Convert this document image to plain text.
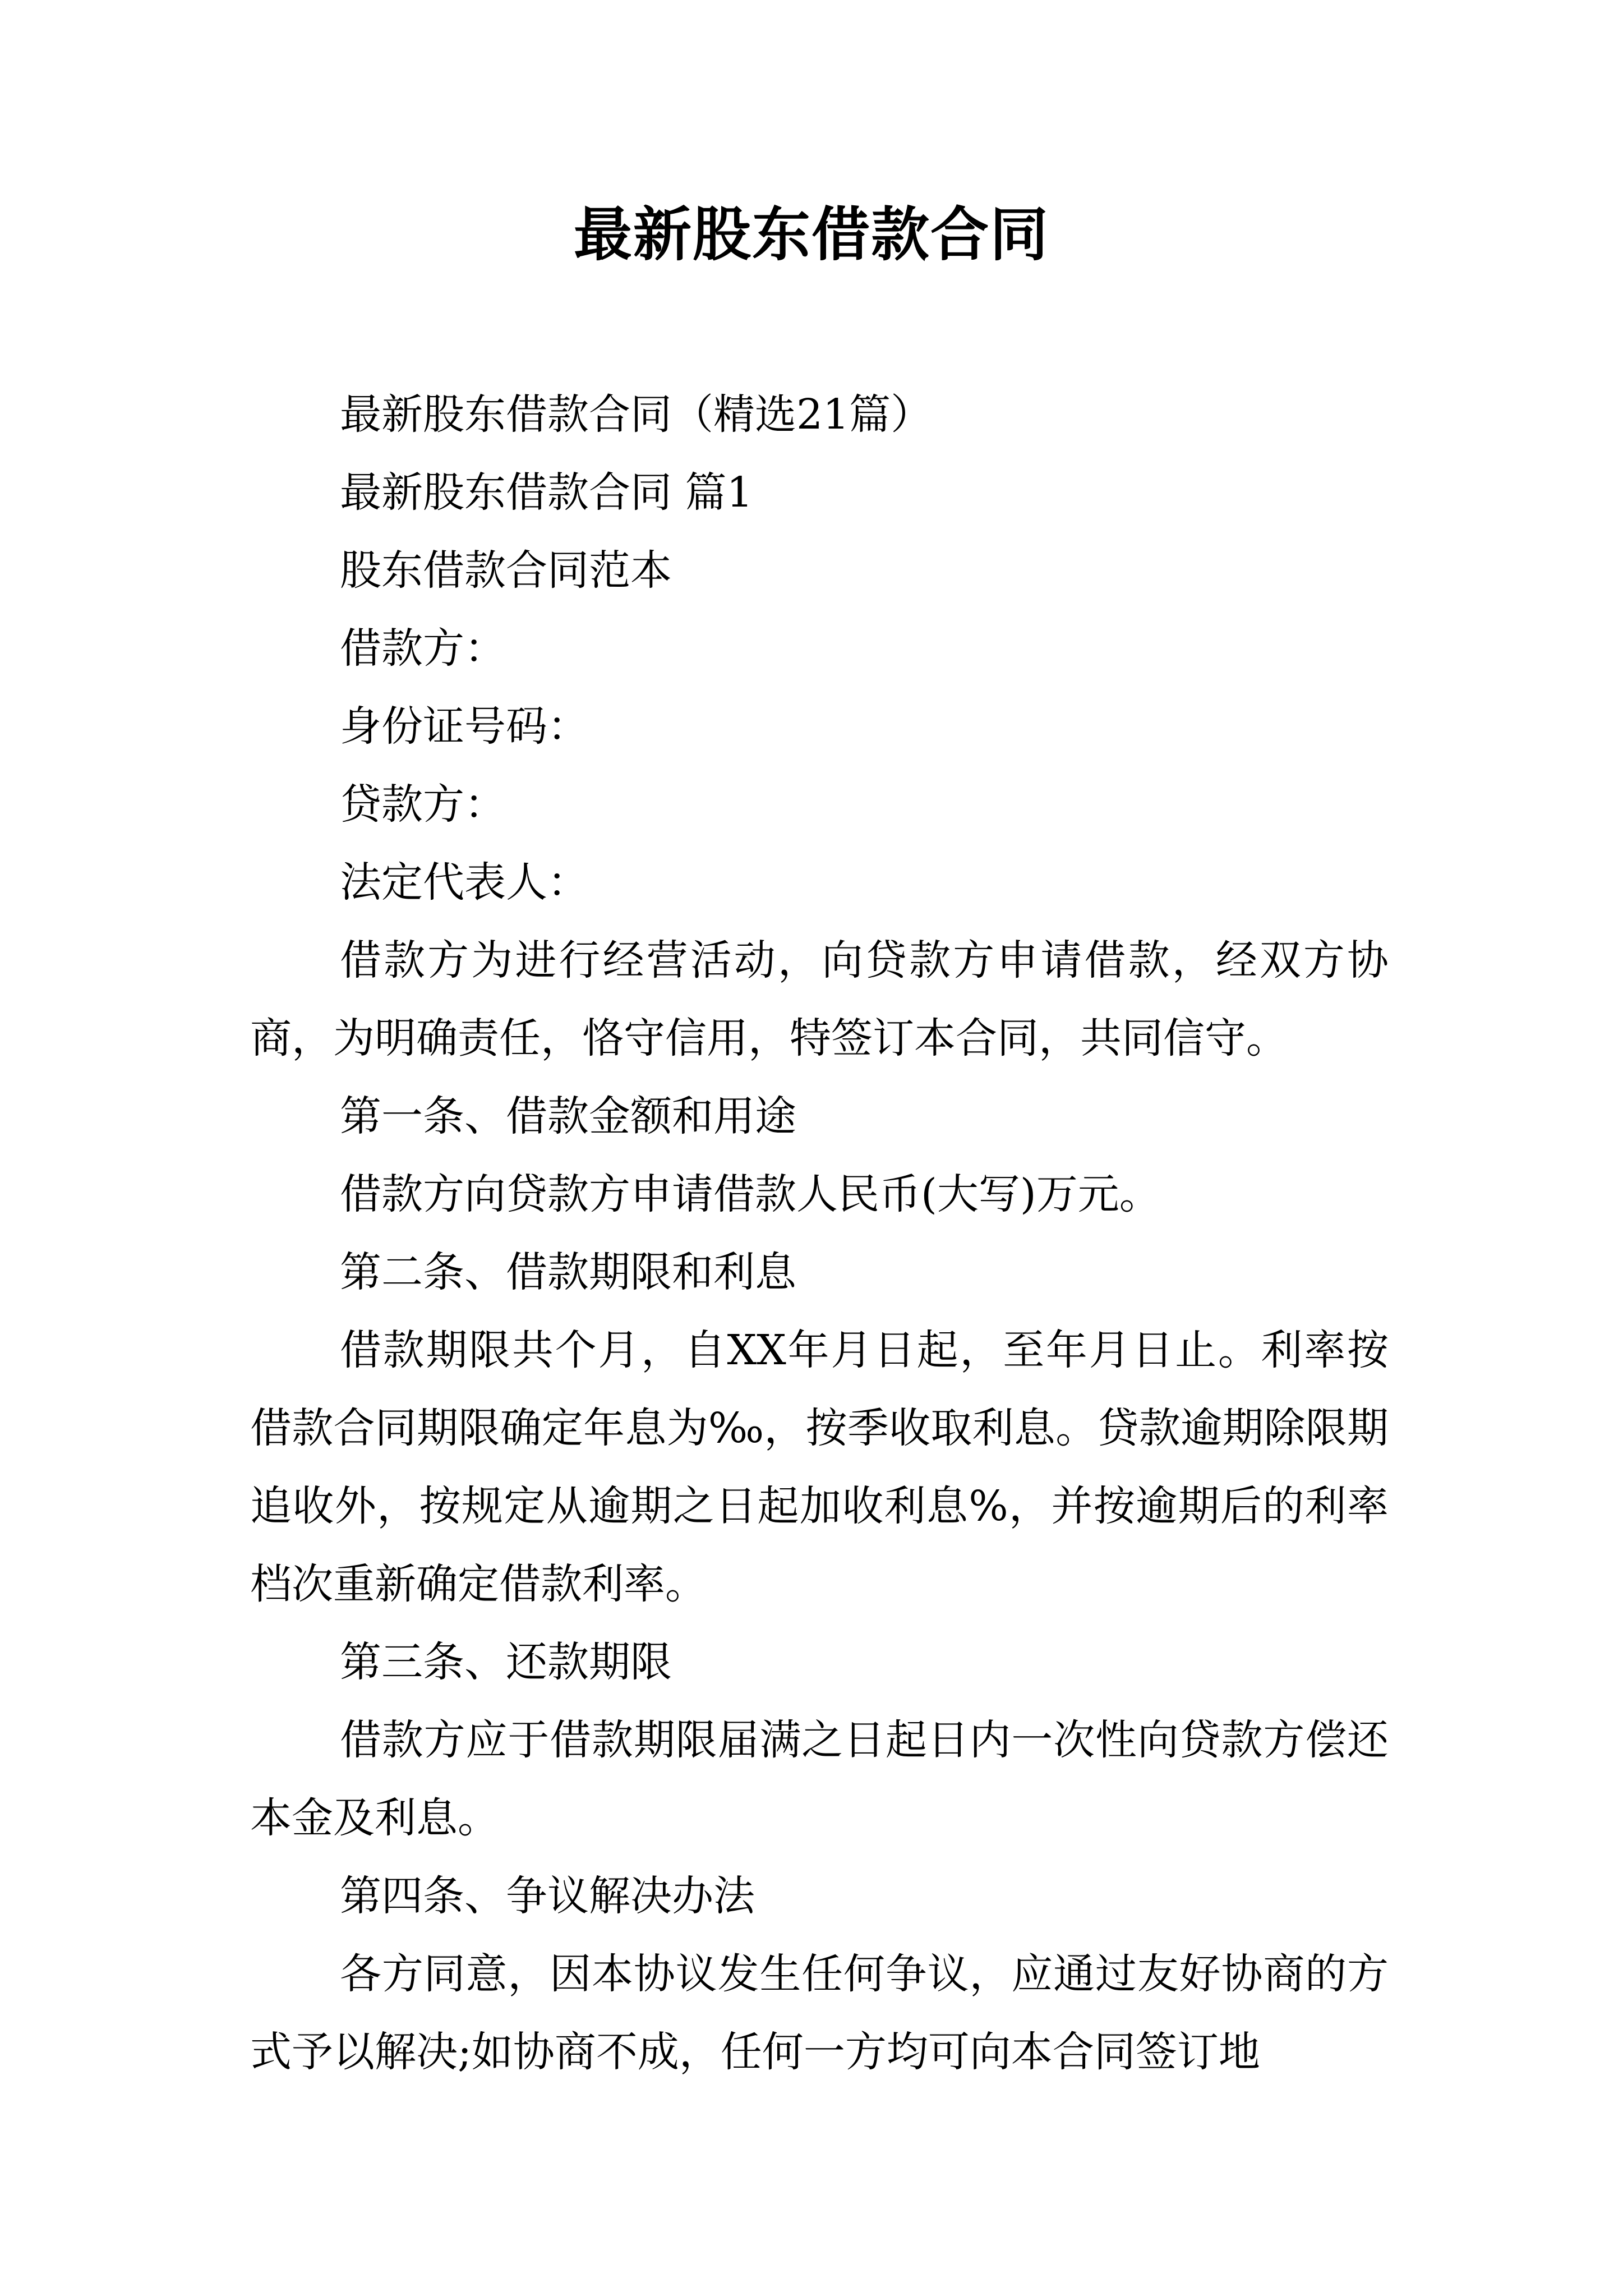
最新股东借款合同

最新股东借款合同（精选21篇）

最新股东借款合同 篇1

股东借款合同范本

借款方：

身份证号码：

贷款方：

法定代表人：

借款方为进行经营活动，向贷款方申请借款，经双方协商，为明确责任，恪守信用，特签订本合同，共同信守。

第一条、借款金额和用途

借款方向贷款方申请借款人民币(大写)万元。

第二条、借款期限和利息

借款期限共个月，自XX年月日起，至年月日止。利率按借款合同期限确定年息为‰，按季收取利息。贷款逾期除限期追收外，按规定从逾期之日起加收利息%，并按逾期后的利率档次重新确定借款利率。

第三条、还款期限

借款方应于借款期限届满之日起日内一次性向贷款方偿还本金及利息。

第四条、争议解决办法

各方同意，因本协议发生任何争议，应通过友好协商的方式予以解决;如协商不成，任何一方均可向本合同签订地
